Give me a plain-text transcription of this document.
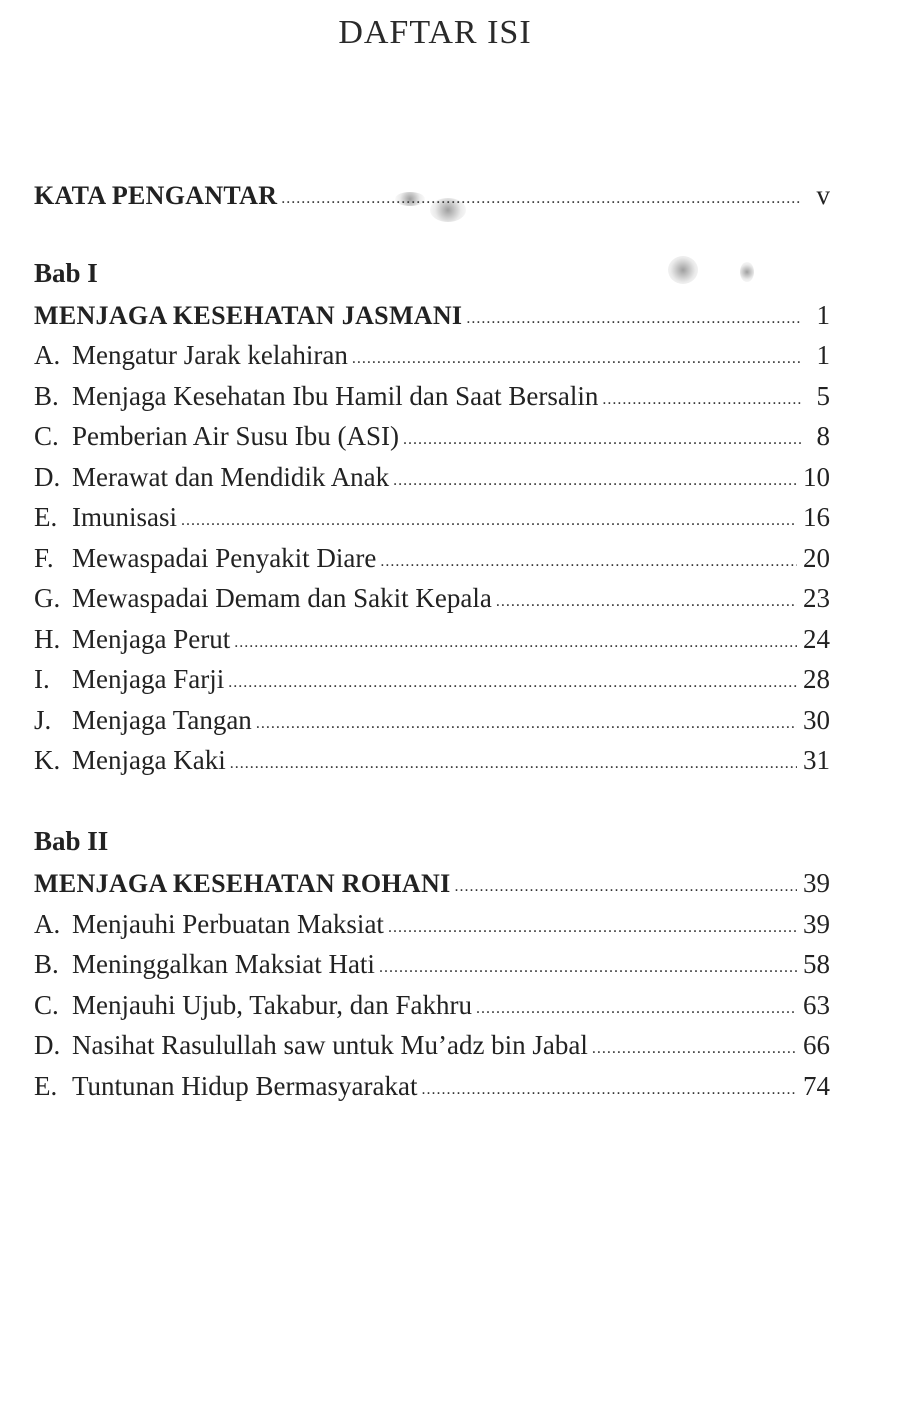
DAFTAR ISI
KATA PENGANTAR .....	v
Bab I
MENJAGA KESEHATAN JASMANI .....	1
A. Mengatur Jarak kelahiran .....	1
B. Menjaga Kesehatan Ibu Hamil dan Saat Bersalin .....	5
C. Pemberian Air Susu Ibu (ASI) .....	8
D. Merawat dan Mendidik Anak .....	10
E. Imunisasi .....	16
F. Mewaspadai Penyakit Diare .....	20
G. Mewaspadai Demam dan Sakit Kepala .....	23
H. Menjaga Perut .....	24
I. Menjaga Farji .....	28
J. Menjaga Tangan .....	30
K. Menjaga Kaki .....	31
Bab II
MENJAGA KESEHATAN ROHANI .....	39
A. Menjauhi Perbuatan Maksiat .....	39
B. Meninggalkan Maksiat Hati .....	58
C. Menjauhi Ujub, Takabur, dan Fakhru .....	63
D. Nasihat Rasulullah saw untuk Mu’adz bin Jabal .....	66
E. Tuntunan Hidup Bermasyarakat .....	74
